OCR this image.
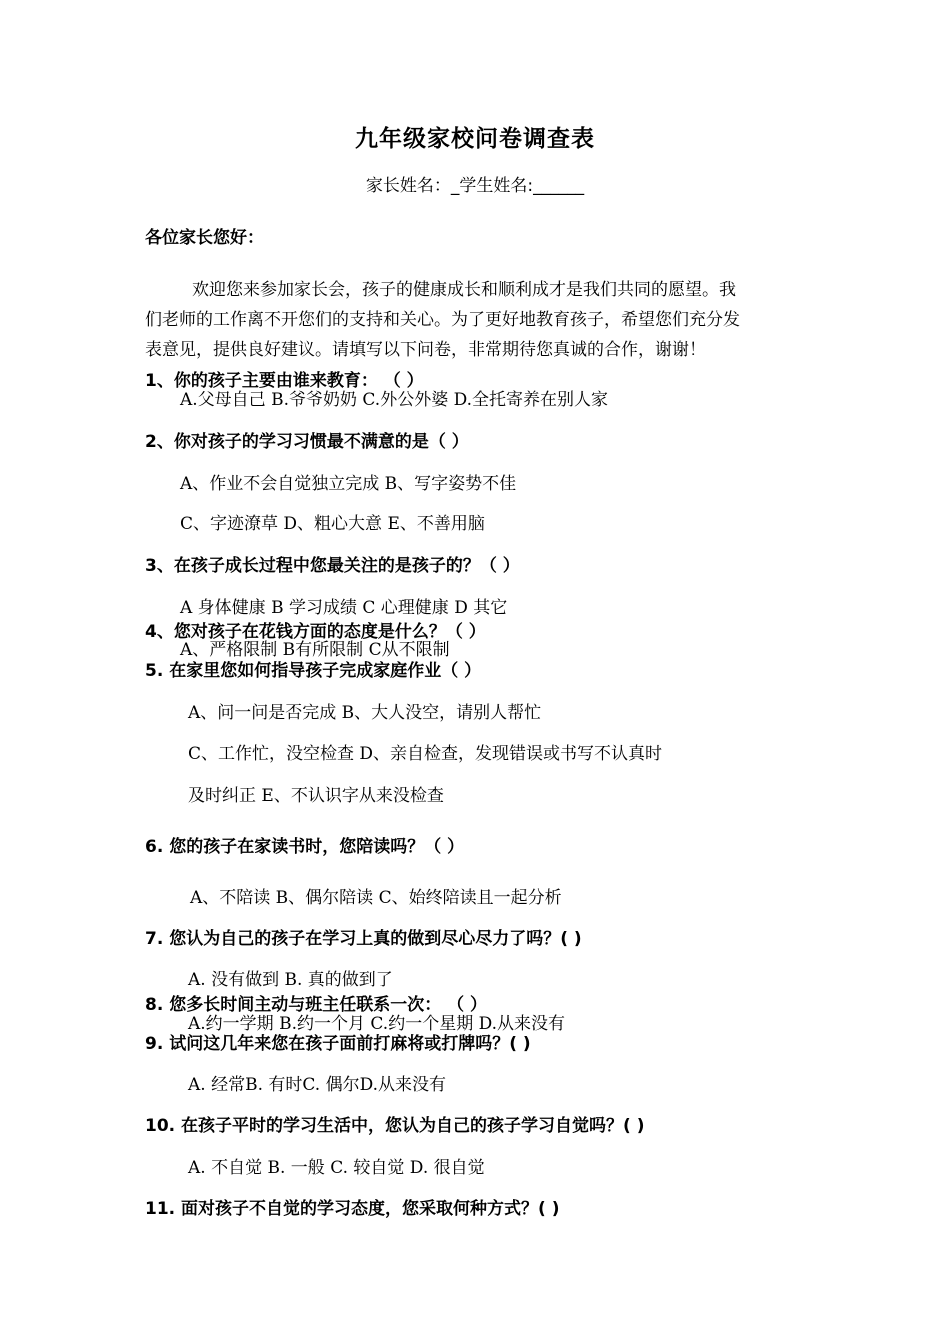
九年级家校问卷调查表
家长姓名：_学生姓名:______
各位家长您好：
欢迎您来参加家长会，孩子的健康成长和顺利成才是我们共同的愿望。我
们老师的工作离不开您们的支持和关心。为了更好地教育孩子，希望您们充分发
表意见，提供良好建议。请填写以下问卷，非常期待您真诚的合作，谢谢！
1、你的孩子主要由谁来教育： （ ）
A.父母自己 B.爷爷奶奶 C.外公外婆 D.全托寄养在别人家
2、你对孩子的学习习惯最不满意的是（ ）
A、作业不会自觉独立完成 B、写字姿势不佳
C、字迹潦草 D、粗心大意 E、不善用脑
3、在孩子成长过程中您最关注的是孩子的？（ ）
A 身体健康 B 学习成绩 C 心理健康 D 其它
4、您对孩子在花钱方面的态度是什么？（ ）
A、严格限制 B有所限制 C从不限制
5. 在家里您如何指导孩子完成家庭作业（ ）
A、问一问是否完成 B、大人没空，请别人帮忙
C、工作忙，没空检查 D、亲自检查，发现错误或书写不认真时
及时纠正 E、不认识字从来没检查
6. 您的孩子在家读书时，您陪读吗？（ ）
A、不陪读 B、偶尔陪读 C、始终陪读且一起分析
7. 您认为自己的孩子在学习上真的做到尽心尽力了吗？( )
A. 没有做到 B. 真的做到了
8. 您多长时间主动与班主任联系一次： （ ）
A.约一学期 B.约一个月 C.约一个星期 D.从来没有
9. 试问这几年来您在孩子面前打麻将或打牌吗？( )
A. 经常B. 有时C. 偶尔D.从来没有
10. 在孩子平时的学习生活中，您认为自己的孩子学习自觉吗？( )
A. 不自觉 B. 一般 C. 较自觉 D. 很自觉
11. 面对孩子不自觉的学习态度，您采取何种方式？( )
